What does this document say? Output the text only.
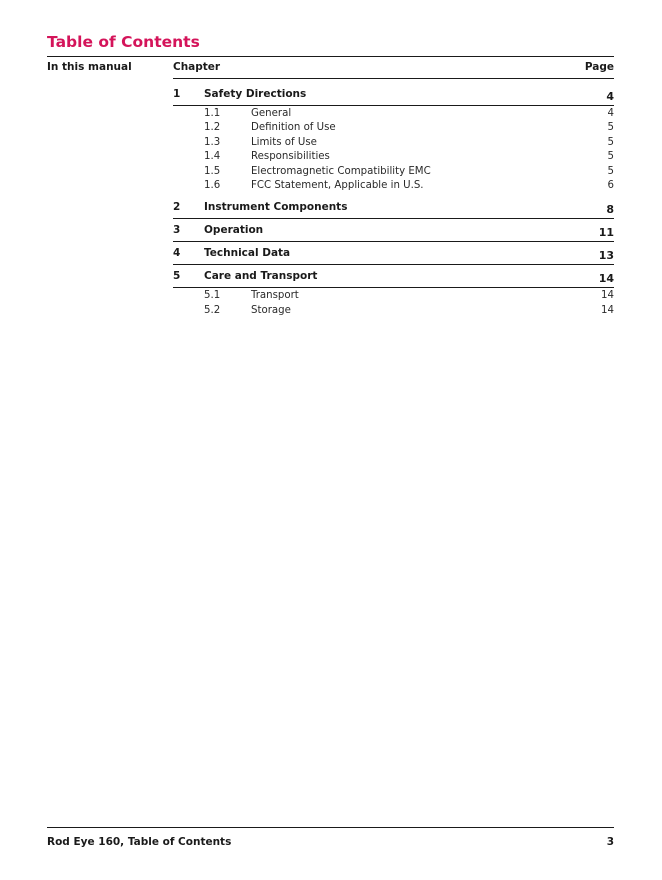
Table of Contents
In this manual	Chapter	Page
1 Safety Directions	4
1.1	General	4
1.2	Definition of Use	5
1.3	Limits of Use	5
1.4	Responsibilities	5
1.5	Electromagnetic Compatibility EMC	5
1.6	FCC Statement, Applicable in U.S.	6
2 Instrument Components	8
3 Operation	11
4 Technical Data	13
5 Care and Transport	14
5.1	Transport	14
5.2	Storage	14
Rod Eye 160, Table of Contents	3
